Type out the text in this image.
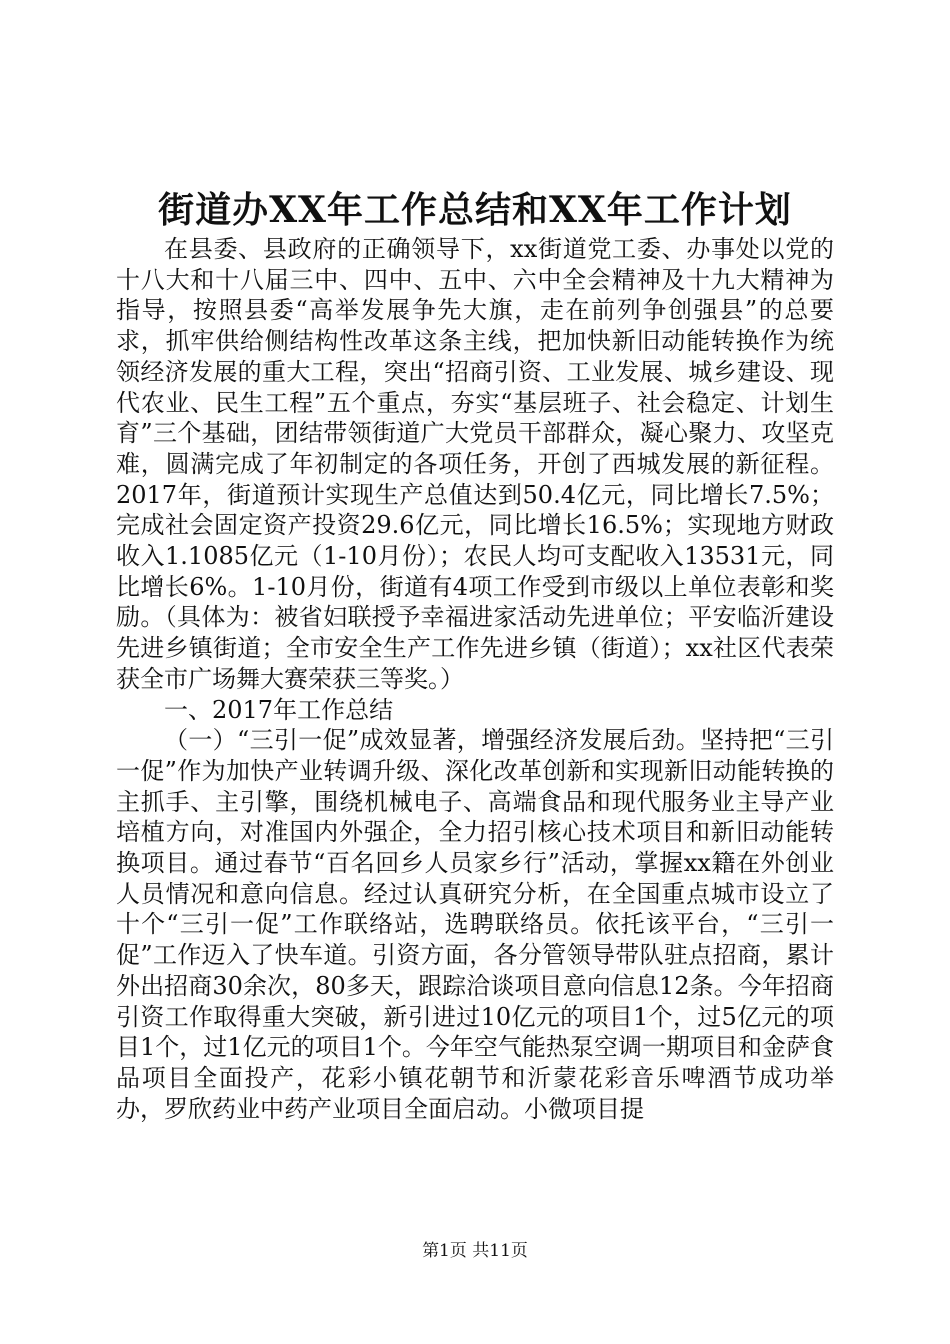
街道办XX年工作总结和XX年工作计划

在县委、县政府的正确领导下，xx街道党工委、办事处以党的十八大和十八届三中、四中、五中、六中全会精神及十九大精神为指导，按照县委“高举发展争先大旗，走在前列争创强县”的总要求，抓牢供给侧结构性改革这条主线，把加快新旧动能转换作为统领经济发展的重大工程，突出“招商引资、工业发展、城乡建设、现代农业、民生工程”五个重点，夯实“基层班子、社会稳定、计划生育”三个基础，团结带领街道广大党员干部群众，凝心聚力、攻坚克难，圆满完成了年初制定的各项任务，开创了西城发展的新征程。2017年，街道预计实现生产总值达到50.4亿元，同比增长7.5%；完成社会固定资产投资29.6亿元，同比增长16.5%；实现地方财政收入1.1085亿元（1-10月份）；农民人均可支配收入13531元，同比增长6%。1-10月份，街道有4项工作受到市级以上单位表彰和奖励。（具体为：被省妇联授予幸福进家活动先进单位；平安临沂建设先进乡镇街道；全市安全生产工作先进乡镇（街道）；xx社区代表荣获全市广场舞大赛荣获三等奖。）

一、2017年工作总结

（一）“三引一促”成效显著，增强经济发展后劲。坚持把“三引一促”作为加快产业转调升级、深化改革创新和实现新旧动能转换的主抓手、主引擎，围绕机械电子、高端食品和现代服务业主导产业培植方向，对准国内外强企，全力招引核心技术项目和新旧动能转换项目。通过春节“百名回乡人员家乡行”活动，掌握xx籍在外创业人员情况和意向信息。经过认真研究分析，在全国重点城市设立了十个“三引一促”工作联络站，选聘联络员。依托该平台，“三引一促”工作迈入了快车道。引资方面，各分管领导带队驻点招商，累计外出招商30余次，80多天，跟踪洽谈项目意向信息12条。今年招商引资工作取得重大突破，新引进过10亿元的项目1个，过5亿元的项目1个，过1亿元的项目1个。今年空气能热泵空调一期项目和金萨食品项目全面投产，花彩小镇花朝节和沂蒙花彩音乐啤酒节成功举办，罗欣药业中药产业项目全面启动。小微项目提

第1页 共11页
